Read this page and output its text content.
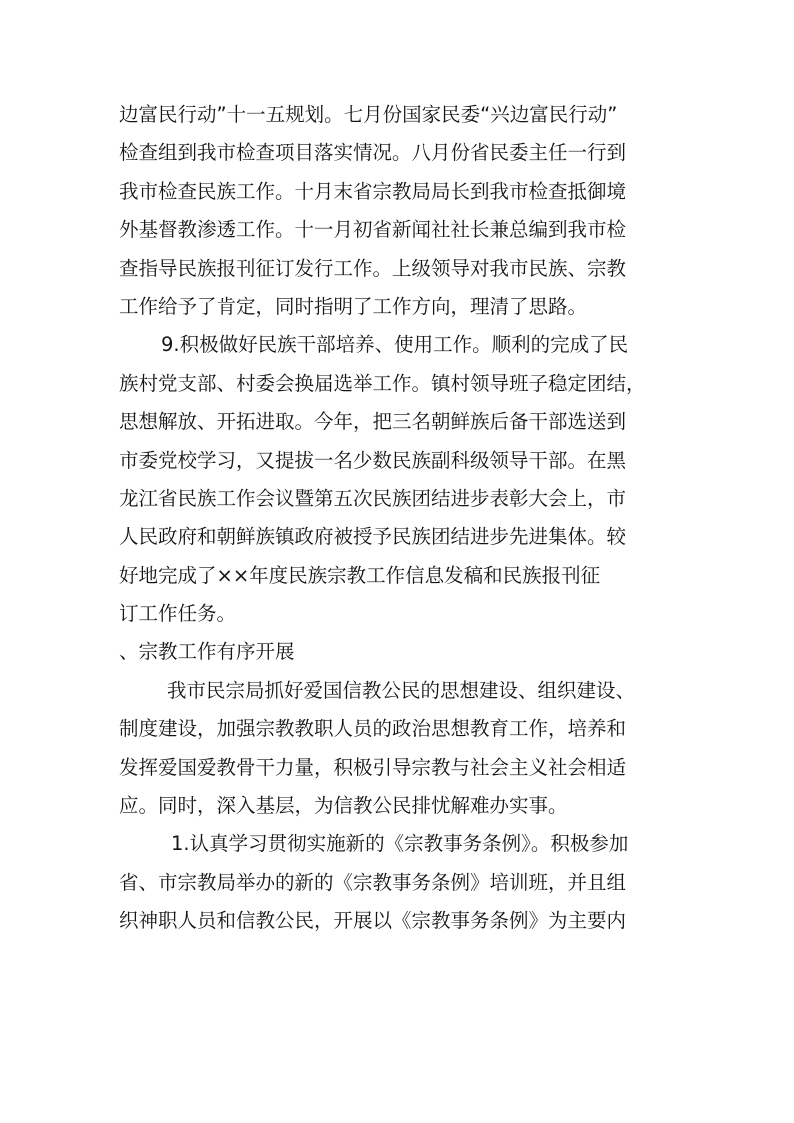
边富民行动”十一五规划。七月份国家民委“兴边富民行动”
检查组到我市检查项目落实情况。八月份省民委主任一行到
我市检查民族工作。十月末省宗教局局长到我市检查抵御境
外基督教渗透工作。十一月初省新闻社社长兼总编到我市检
查指导民族报刊征订发行工作。上级领导对我市民族、宗教
工作给予了肯定，同时指明了工作方向，理清了思路。
9.积极做好民族干部培养、使用工作。顺利的完成了民
族村党支部、村委会换届选举工作。镇村领导班子稳定团结，
思想解放、开拓进取。今年，把三名朝鲜族后备干部选送到
市委党校学习，又提拔一名少数民族副科级领导干部。在黑
龙江省民族工作会议暨第五次民族团结进步表彰大会上，市
人民政府和朝鲜族镇政府被授予民族团结进步先进集体。较
好地完成了××年度民族宗教工作信息发稿和民族报刊征
订工作任务。
、宗教工作有序开展
我市民宗局抓好爱国信教公民的思想建设、组织建设、
制度建设，加强宗教教职人员的政治思想教育工作，培养和
发挥爱国爱教骨干力量，积极引导宗教与社会主义社会相适
应。同时，深入基层，为信教公民排忧解难办实事。
1.认真学习贯彻实施新的《宗教事务条例》。积极参加
省、市宗教局举办的新的《宗教事务条例》培训班，并且组
织神职人员和信教公民，开展以《宗教事务条例》为主要内
